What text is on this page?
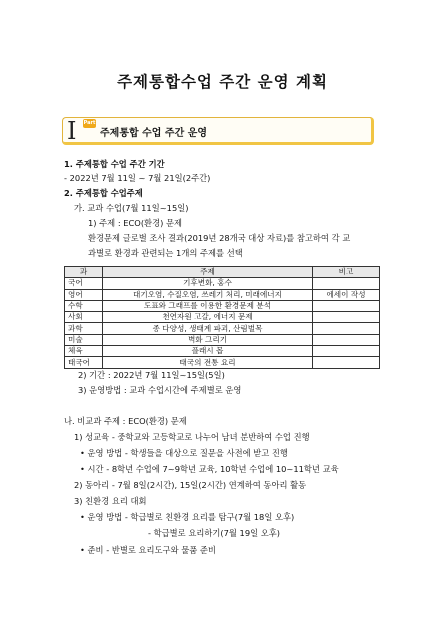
주제통합수업 주간 운영 계획
I Part
주제통합 수업 주간 운영
1. 주제통합 수업 주간 기간
- 2022년 7월 11일 ~ 7월 21일(2주간)
2. 주제통합 수업주제
가. 교과 수업(7월 11일~15일)
1) 주제 : ECO(환경) 문제
환경문제 글로벌 조사 결과(2019년 28개국 대상 자료)를 참고하여 각 교
과별로 환경과 관련되는 1개의 주제를 선택
과	주제	비고
국어	기후변화, 홍수	
영어	대기오염, 수질오염, 쓰레기 처리, 미래에너지	에세이 작성
수학	도표와 그래프를 이용한 환경문제 분석	
사회	천연자원 고갈, 에너지 문제	
과학	종 다양성, 생태계 파괴, 산림벌목	
미술	벽화 그리기	
체육	플래시 몹	
태국어	태국의 전통 요리	
2) 기간 : 2022년 7월 11일~15일(5일)
3) 운영방법 : 교과 수업시간에 주제별로 운영
나. 비교과 주제 : ECO(환경) 문제
1) 성교육 - 중학교와 고등학교로 나누어 남녀 분반하여 수업 진행
• 운영 방법 - 학생들을 대상으로 질문을 사전에 받고 진행
• 시간 - 8학년 수업에 7~9학년 교육, 10학년 수업에 10~11학년 교육
2) 동아리 - 7월 8일(2시간), 15일(2시간) 연계하여 동아리 활동
3) 친환경 요리 대회
• 운영 방법 - 학급별로 친환경 요리를 탐구(7월 18일 오후)
- 학급별로 요리하기(7월 19일 오후)
• 준비 - 반별로 요리도구와 물품 준비
